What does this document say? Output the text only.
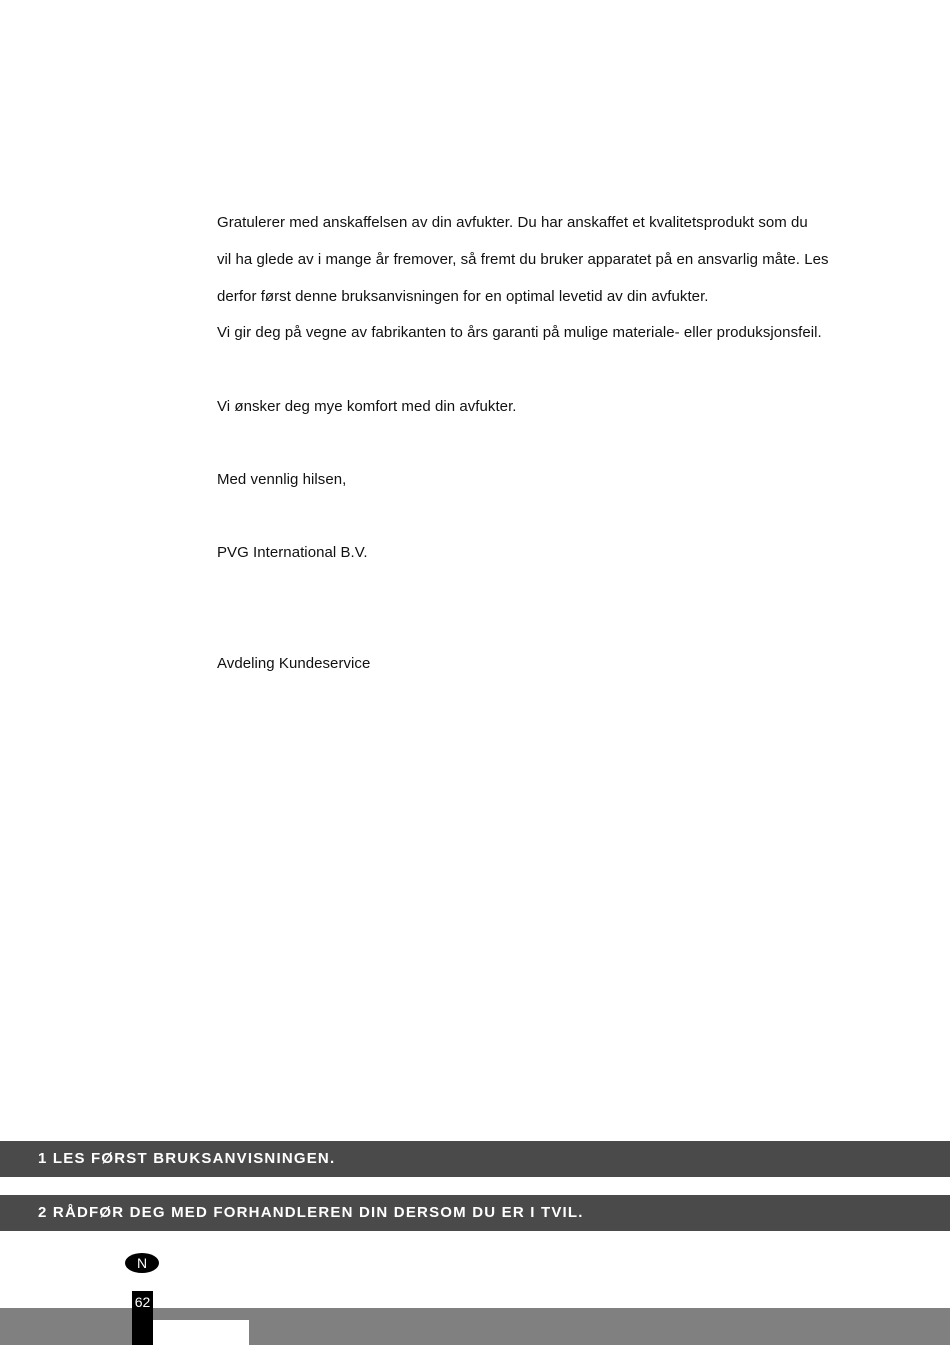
Gratulerer med anskaffelsen av din avfukter. Du har anskaffet et kvalitetsprodukt som du
vil ha glede av i mange år fremover, så fremt du bruker apparatet på en ansvarlig måte. Les
derfor først denne bruksanvisningen for en optimal levetid av din avfukter.
Vi gir deg på vegne av fabrikanten to års garanti på mulige materiale- eller produksjonsfeil.
Vi ønsker deg mye komfort med din avfukter.
Med vennlig hilsen,
PVG International B.V.
Avdeling Kundeservice
1 LES FØRST BRUKSANVISNINGEN.
2 RÅDFØR DEG MED FORHANDLEREN DIN DERSOM DU ER I TVIL.
N
62
